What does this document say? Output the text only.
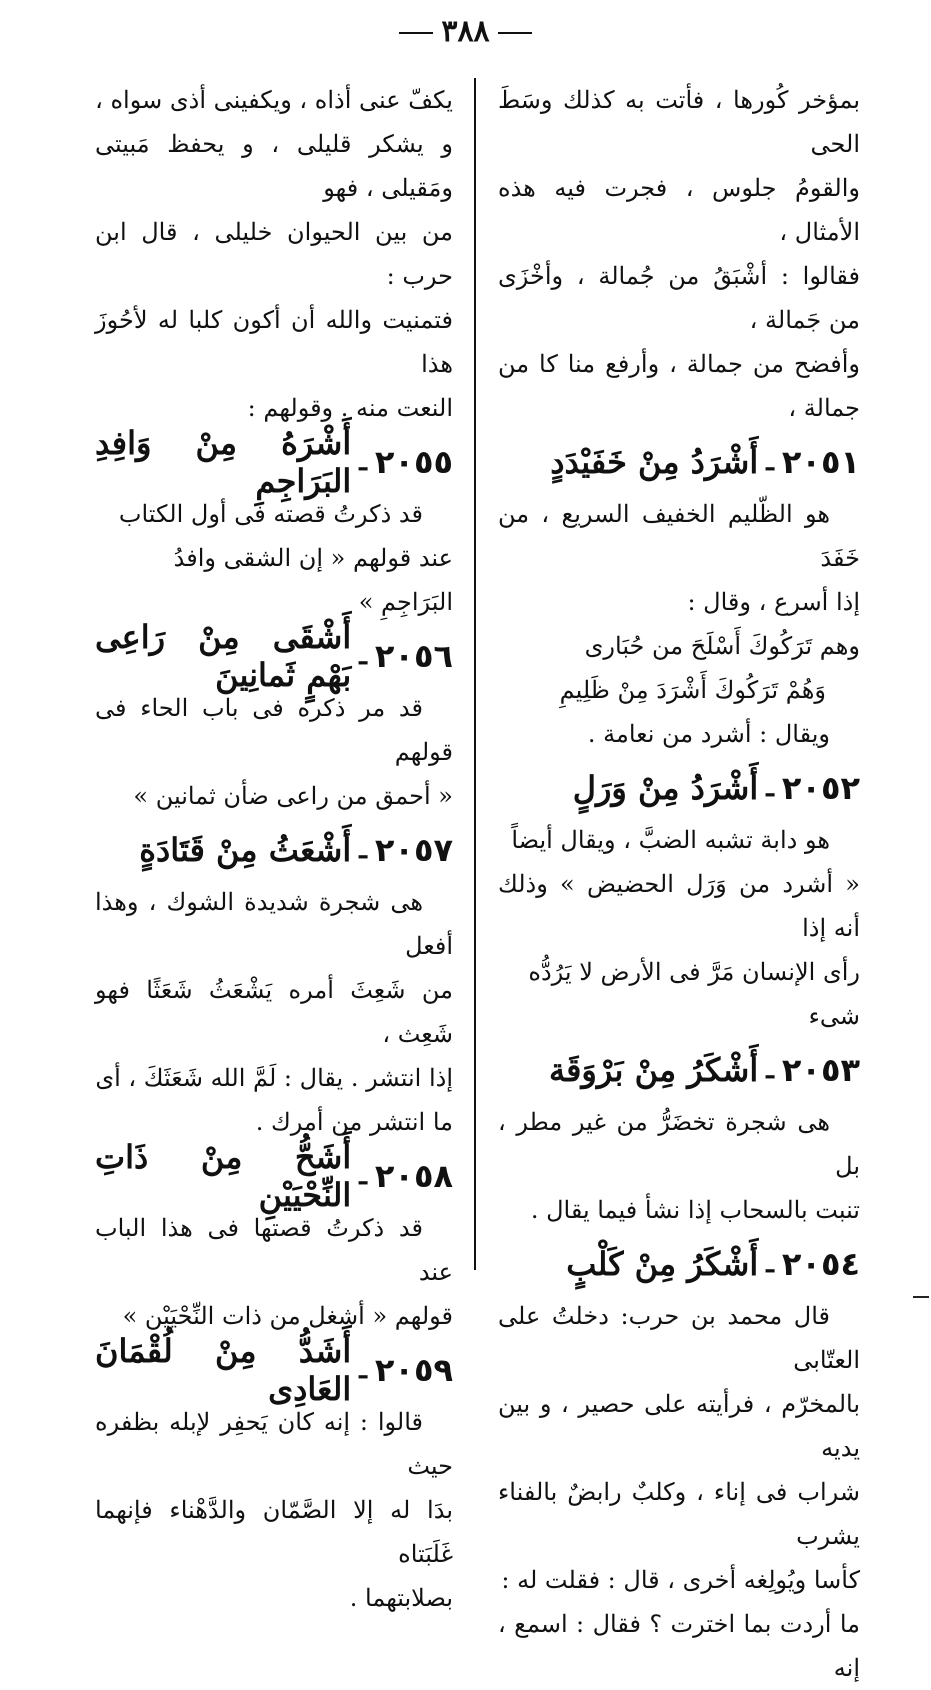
٣٨٨

بمؤخر كُورها ، فأتت به كذلك وسَطَ الحى

والقومُ جلوس ، فجرت فيه هذه الأمثال ،

فقالوا : أشْبَقُ من جُمالة ، وأخْزَى من جَمالة ،

وأفضح من جمالة ، وأرفع منا كا من جمالة ،

٢٠٥١
ـ
أَشْرَدُ مِنْ خَفَيْدَدٍ

هو الظّليم الخفيف السريع ، من خَفَدَ

إذا أسرع ، وقال :

وهم تَرَكُوكَ أَسْلَحَ من حُبَارى

وَهُمْ تَرَكُوكَ أَشْرَدَ مِنْ ظَلِيمِ

ويقال : أشرد من نعامة .

٢٠٥٢
ـ
أَشْرَدُ مِنْ وَرَلٍ

هو دابة تشبه الضبَّ ، ويقال أيضاً

« أشرد من وَرَل الحضيض » وذلك أنه إذا

رأى الإنسان مَرَّ فى الأرض لا يَرُدُّه شىء

٢٠٥٣
ـ
أَشْكَرُ مِنْ بَرْوَقَة

هى شجرة تخضَرُّ من غير مطر ، بل

تنبت بالسحاب إذا نشأ فيما يقال .

٢٠٥٤
ـ
أَشْكَرُ مِنْ كَلْبٍ

قال محمد بن حرب: دخلتُ على العتّابى

بالمخرّم ، فرأيته على حصير ، و بين يديه

شراب فى إناء ، وكلبٌ رابضٌ بالفناء يشرب

كأسا ويُولِغه أخرى ، قال : فقلت له :

ما أردت بما اخترت ؟ فقال : اسمع ، إنه

يكفّ عنى أذاه ، ويكفينى أذى سواه ،

و يشكر قليلى ، و يحفظ مَبيتى ومَقيلى ، فهو

من بين الحيوان خليلى ، قال ابن حرب :

فتمنيت والله أن أكون كلبا له لأحُوزَ هذا

النعت منه . وقولهم :

٢٠٥٥
ـ
أَشْرَهُ مِنْ وَافِدِ البَرَاجِمِ

قد ذكرتُ قصته فى أول الكتاب

عند قولهم « إن الشقى وافدُ البَرَاجِمِ »

٢٠٥٦
ـ
أَشْقَى مِنْ رَاعِى بَهْمٍ ثَمانِينَ

قد مر ذكره فى باب الحاء فى قولهم

« أحمق من راعى ضأن ثمانين »

٢٠٥٧
ـ
أَشْعَثُ مِنْ قَتَادَةٍ

هى شجرة شديدة الشوك ، وهذا أفعل

من شَعِثَ أمره يَشْعَثُ شَعَثًا فهو شَعِث ،

إذا انتشر . يقال : لَمَّ الله شَعَثَكَ ، أى

ما انتشر من أمرك .

٢٠٥٨
ـ
أَشَحُّ مِنْ ذَاتِ النِّحْيَيْنِ

قد ذكرتُ قصتها فى هذا الباب عند

قولهم « أشغل من ذات النِّحْيَيْن »

٢٠٥٩
ـ
أَشَدُّ مِنْ لُقْمَانَ العَادِى

قالوا : إنه كان يَحفِر لإبله بظفره حيث

بدَا له إلا الصَّمّان والدَّهْناء فإنهما غَلَبَتاه

بصلابتهما .
